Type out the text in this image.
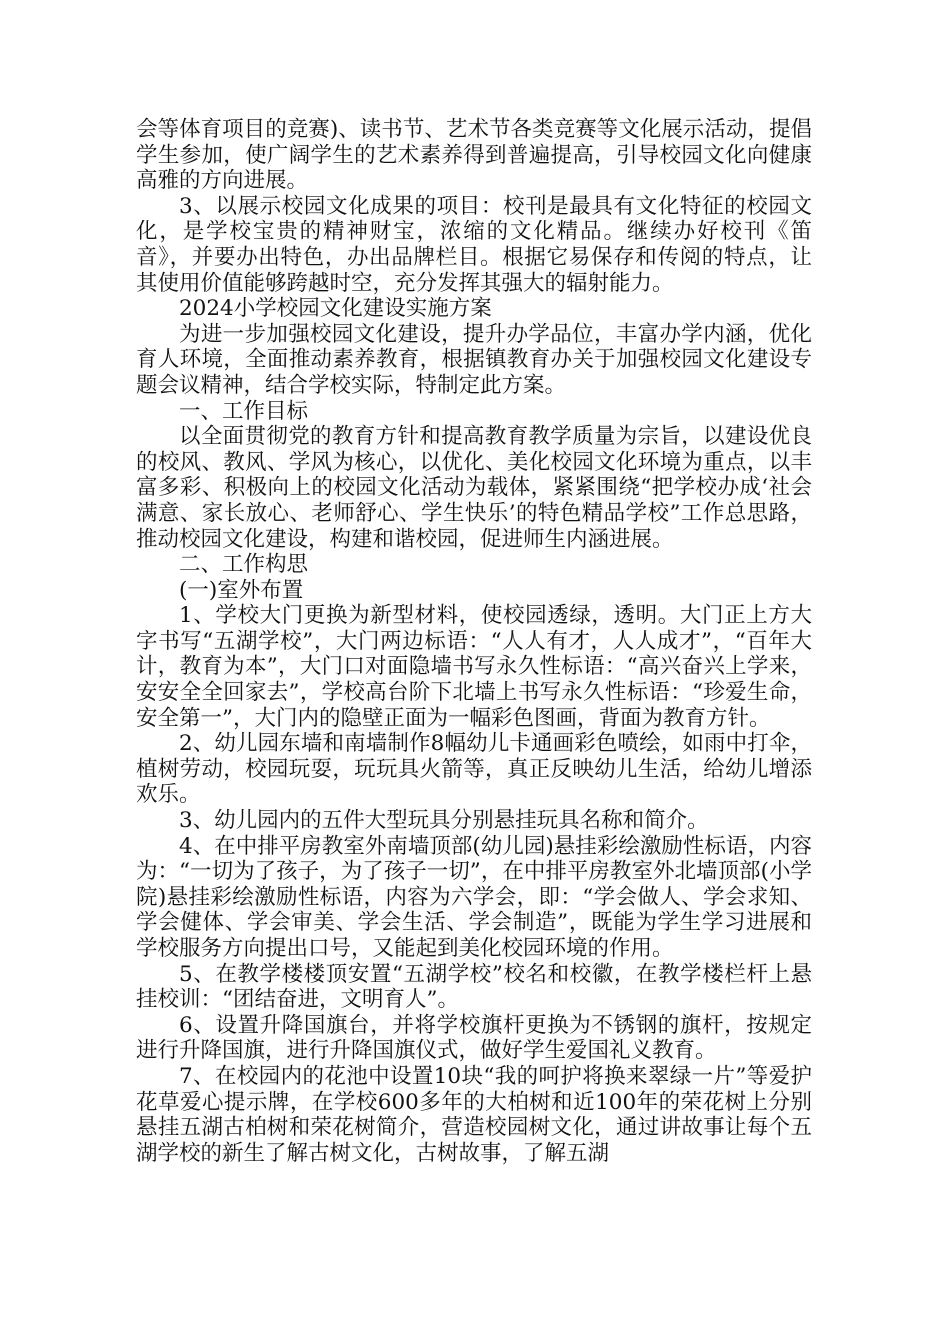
会等体育项目的竞赛)、读书节、艺术节各类竞赛等文化展示活动，提倡学生参加，使广阔学生的艺术素养得到普遍提高，引导校园文化向健康高雅的方向进展。

3、以展示校园文化成果的项目：校刊是最具有文化特征的校园文化，是学校宝贵的精神财宝，浓缩的文化精品。继续办好校刊《笛音》，并要办出特色，办出品牌栏目。根据它易保存和传阅的特点，让其使用价值能够跨越时空，充分发挥其强大的辐射能力。

2024小学校园文化建设实施方案

为进一步加强校园文化建设，提升办学品位，丰富办学内涵，优化育人环境，全面推动素养教育，根据镇教育办关于加强校园文化建设专题会议精神，结合学校实际，特制定此方案。

一、工作目标

以全面贯彻党的教育方针和提高教育教学质量为宗旨，以建设优良的校风、教风、学风为核心，以优化、美化校园文化环境为重点，以丰富多彩、积极向上的校园文化活动为载体，紧紧围绕“把学校办成‘社会满意、家长放心、老师舒心、学生快乐’的特色精品学校”工作总思路，推动校园文化建设，构建和谐校园，促进师生内涵进展。

二、工作构思

(一)室外布置

1、学校大门更换为新型材料，使校园透绿，透明。大门正上方大字书写“五湖学校”，大门两边标语：“人人有才，人人成才”，“百年大计，教育为本”，大门口对面隐墙书写永久性标语：“高兴奋兴上学来，安安全全回家去”，学校高台阶下北墙上书写永久性标语：“珍爱生命，安全第一”，大门内的隐壁正面为一幅彩色图画，背面为教育方针。

2、幼儿园东墙和南墙制作8幅幼儿卡通画彩色喷绘，如雨中打伞，植树劳动，校园玩耍，玩玩具火箭等，真正反映幼儿生活，给幼儿增添欢乐。

3、幼儿园内的五件大型玩具分别悬挂玩具名称和简介。

4、在中排平房教室外南墙顶部(幼儿园)悬挂彩绘激励性标语，内容为：“一切为了孩子，为了孩子一切”，在中排平房教室外北墙顶部(小学院)悬挂彩绘激励性标语，内容为六学会，即：“学会做人、学会求知、学会健体、学会审美、学会生活、学会制造”，既能为学生学习进展和学校服务方向提出口号，又能起到美化校园环境的作用。

5、在教学楼楼顶安置“五湖学校”校名和校徽，在教学楼栏杆上悬挂校训：“团结奋进，文明育人”。

6、设置升降国旗台，并将学校旗杆更换为不锈钢的旗杆，按规定进行升降国旗，进行升降国旗仪式，做好学生爱国礼义教育。

7、在校园内的花池中设置10块“我的呵护将换来翠绿一片”等爱护花草爱心提示牌，在学校600多年的大柏树和近100年的荣花树上分别悬挂五湖古柏树和荣花树简介，营造校园树文化，通过讲故事让每个五湖学校的新生了解古树文化，古树故事，了解五湖
